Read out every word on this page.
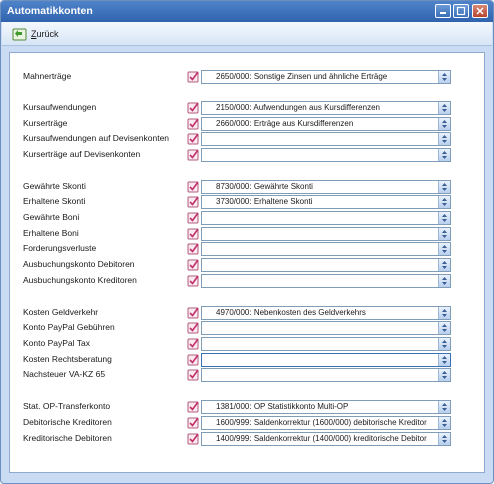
Automatikkonten
Zurück
Mahnerträge	2650/000: Sonstige Zinsen und ähnliche Erträge
Kursaufwendungen	2150/000: Aufwendungen aus Kursdifferenzen
Kurserträge	2660/000: Erträge aus Kursdifferenzen
Kursaufwendungen auf Devisenkonten
Kurserträge auf Devisenkonten
Gewährte Skonti	8730/000: Gewährte Skonti
Erhaltene Skonti	3730/000: Erhaltene Skonti
Gewährte Boni
Erhaltene Boni
Forderungsverluste
Ausbuchungskonto Debitoren
Ausbuchungskonto Kreditoren
Kosten Geldverkehr	4970/000: Nebenkosten des Geldverkehrs
Konto PayPal Gebühren
Konto PayPal Tax
Kosten Rechtsberatung
Nachsteuer VA-KZ 65
Stat. OP-Transferkonto	1381/000: OP Statistikkonto Multi-OP
Debitorische Kreditoren	1600/999: Saldenkorrektur (1600/000) debitorische Kreditor
Kreditorische Debitoren	1400/999: Saldenkorrektur (1400/000) kreditorische Debitor
